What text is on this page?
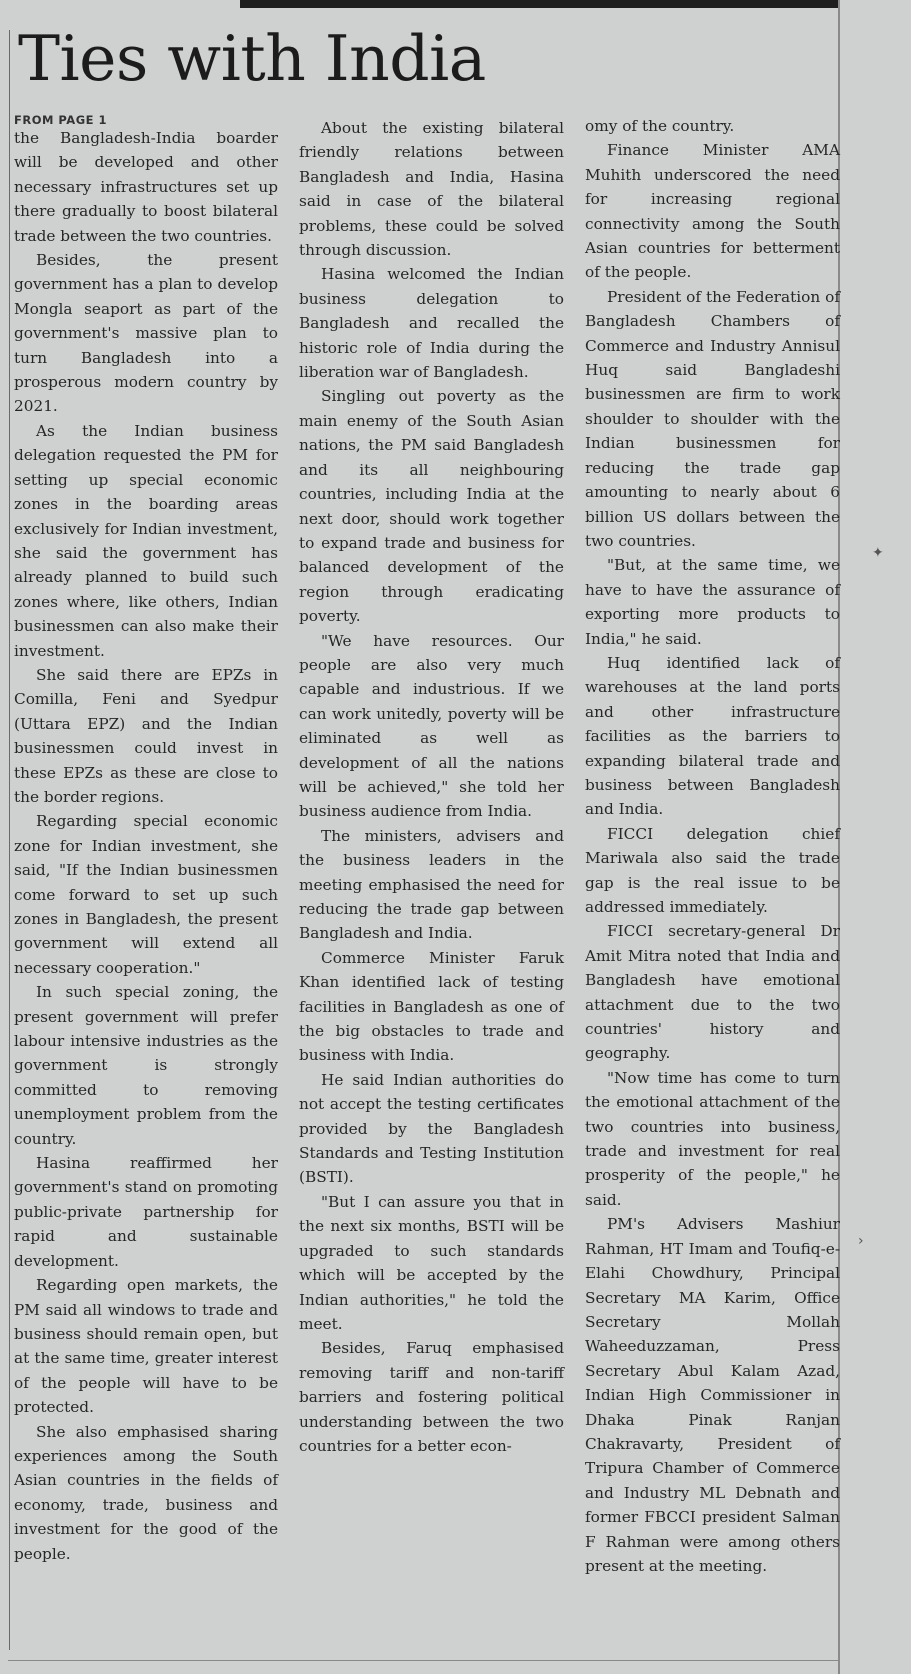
Ties with India
FROM PAGE 1

the Bangladesh-India boarder will be developed and other necessary infrastructures set up there gradually to boost bilateral trade between the two countries.

Besides, the present government has a plan to develop Mongla seaport as part of the government's massive plan to turn Bangladesh into a prosperous modern country by 2021.

As the Indian business delegation requested the PM for setting up special economic zones in the boarding areas exclusively for Indian investment, she said the government has already planned to build such zones where, like others, Indian businessmen can also make their investment.

She said there are EPZs in Comilla, Feni and Syedpur (Uttara EPZ) and the Indian businessmen could invest in these EPZs as these are close to the border regions.

Regarding special economic zone for Indian investment, she said, "If the Indian businessmen come forward to set up such zones in Bangladesh, the present government will extend all necessary cooperation."

In such special zoning, the present government will prefer labour intensive industries as the government is strongly committed to removing unemployment problem from the country.

Hasina reaffirmed her government's stand on promoting public-private partnership for rapid and sustainable development.

Regarding open markets, the PM said all windows to trade and business should remain open, but at the same time, greater interest of the people will have to be protected.

She also emphasised sharing experiences among the South Asian countries in the fields of economy, trade, business and investment for the good of the people.

About the existing bilateral friendly relations between Bangladesh and India, Hasina said in case of the bilateral problems, these could be solved through discussion.

Hasina welcomed the Indian business delegation to Bangladesh and recalled the historic role of India during the liberation war of Bangladesh.

Singling out poverty as the main enemy of the South Asian nations, the PM said Bangladesh and its all neighbouring countries, including India at the next door, should work together to expand trade and business for balanced development of the region through eradicating poverty.

"We have resources. Our people are also very much capable and industrious. If we can work unitedly, poverty will be eliminated as well as development of all the nations will be achieved," she told her business audience from India.

The ministers, advisers and the business leaders in the meeting emphasised the need for reducing the trade gap between Bangladesh and India.

Commerce Minister Faruk Khan identified lack of testing facilities in Bangladesh as one of the big obstacles to trade and business with India.

He said Indian authorities do not accept the testing certificates provided by the Bangladesh Standards and Testing Institution (BSTI).

"But I can assure you that in the next six months, BSTI will be upgraded to such standards which will be accepted by the Indian authorities," he told the meet.

Besides, Faruq emphasised removing tariff and non-tariff barriers and fostering political understanding between the two countries for a better econ-

omy of the country.

Finance Minister AMA Muhith underscored the need for increasing regional connectivity among the South Asian countries for betterment of the people.

President of the Federation of Bangladesh Chambers of Commerce and Industry Annisul Huq said Bangladeshi businessmen are firm to work shoulder to shoulder with the Indian businessmen for reducing the trade gap amounting to nearly about 6 billion US dollars between the two countries.

"But, at the same time, we have to have the assurance of exporting more products to India," he said.

Huq identified lack of warehouses at the land ports and other infrastructure facilities as the barriers to expanding bilateral trade and business between Bangladesh and India.

FICCI delegation chief Mariwala also said the trade gap is the real issue to be addressed immediately.

FICCI secretary-general Dr Amit Mitra noted that India and Bangladesh have emotional attachment due to the two countries' history and geography.

"Now time has come to turn the emotional attachment of the two countries into business, trade and investment for real prosperity of the people," he said.

PM's Advisers Mashiur Rahman, HT Imam and Toufiq-e-Elahi Chowdhury, Principal Secretary MA Karim, Office Secretary Mollah Waheeduzzaman, Press Secretary Abul Kalam Azad, Indian High Commissioner in Dhaka Pinak Ranjan Chakravarty, President of Tripura Chamber of Commerce and Industry ML Debnath and former FBCCI president Salman F Rahman were among others present at the meeting.

✦
›
